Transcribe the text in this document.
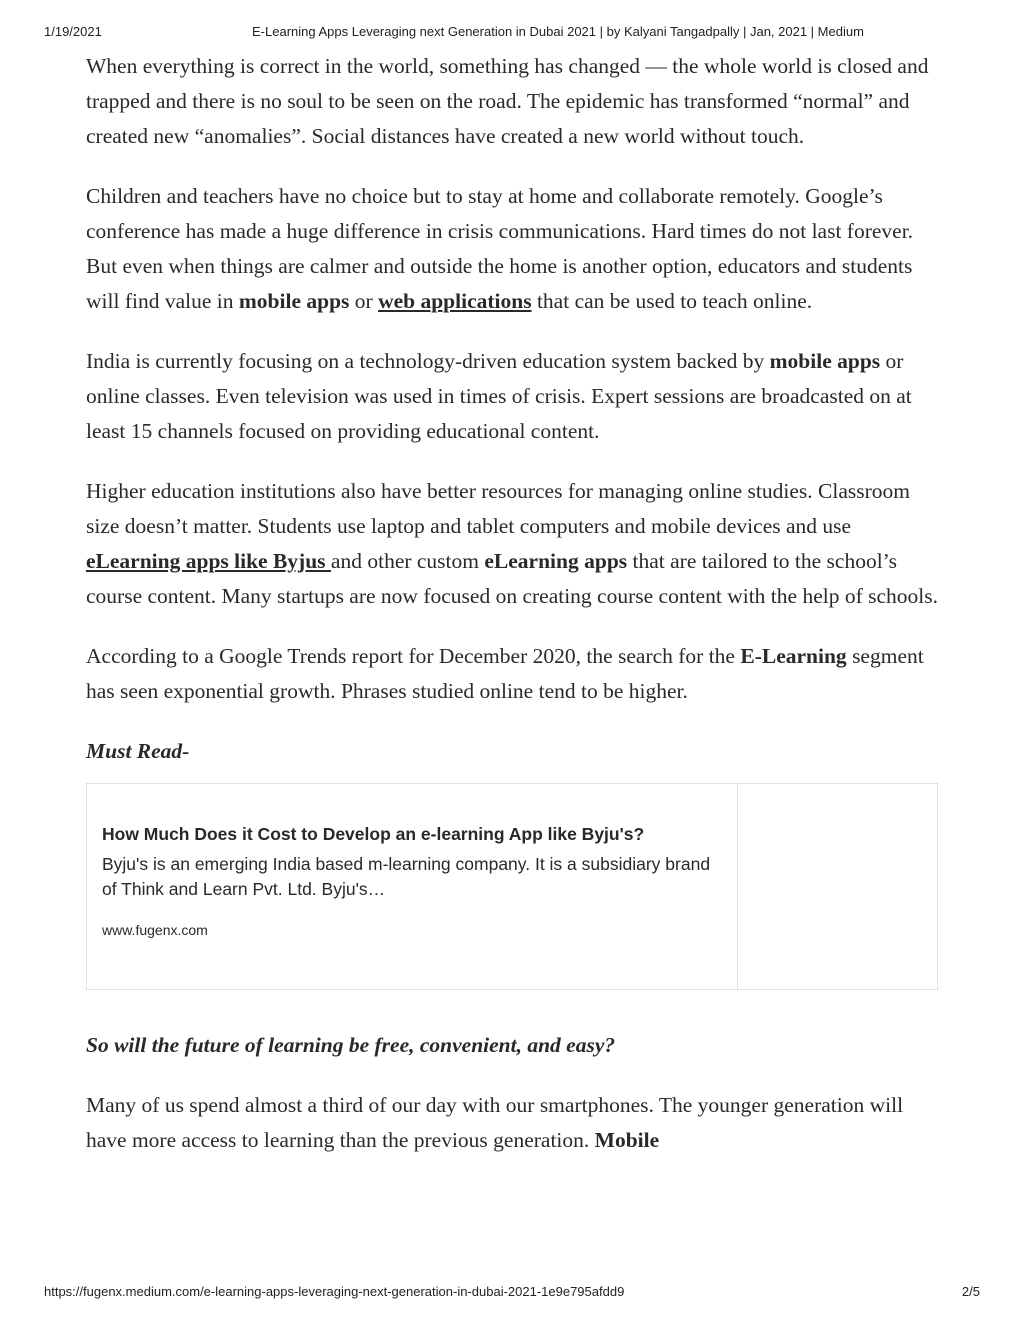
1/19/2021	E-Learning Apps Leveraging next Generation in Dubai 2021 | by Kalyani Tangadpally | Jan, 2021 | Medium

When everything is correct in the world, something has changed — the whole world is closed and trapped and there is no soul to be seen on the road. The epidemic has transformed “normal” and created new “anomalies”. Social distances have created a new world without touch.

Children and teachers have no choice but to stay at home and collaborate remotely. Google’s conference has made a huge difference in crisis communications. Hard times do not last forever. But even when things are calmer and outside the home is another option, educators and students will find value in mobile apps or web applications that can be used to teach online.

India is currently focusing on a technology-driven education system backed by mobile apps or online classes. Even television was used in times of crisis. Expert sessions are broadcasted on at least 15 channels focused on providing educational content.

Higher education institutions also have better resources for managing online studies. Classroom size doesn’t matter. Students use laptop and tablet computers and mobile devices and use eLearning apps like Byjus and other custom eLearning apps that are tailored to the school’s course content. Many startups are now focused on creating course content with the help of schools.

According to a Google Trends report for December 2020, the search for the E-Learning segment has seen exponential growth. Phrases studied online tend to be higher.

Must Read-

How Much Does it Cost to Develop an e-learning App like Byju's?
Byju's is an emerging India based m-learning company. It is a subsidiary brand of Think and Learn Pvt. Ltd. Byju's…
www.fugenx.com

So will the future of learning be free, convenient, and easy?

Many of us spend almost a third of our day with our smartphones. The younger generation will have more access to learning than the previous generation. Mobile

https://fugenx.medium.com/e-learning-apps-leveraging-next-generation-in-dubai-2021-1e9e795afdd9	2/5
